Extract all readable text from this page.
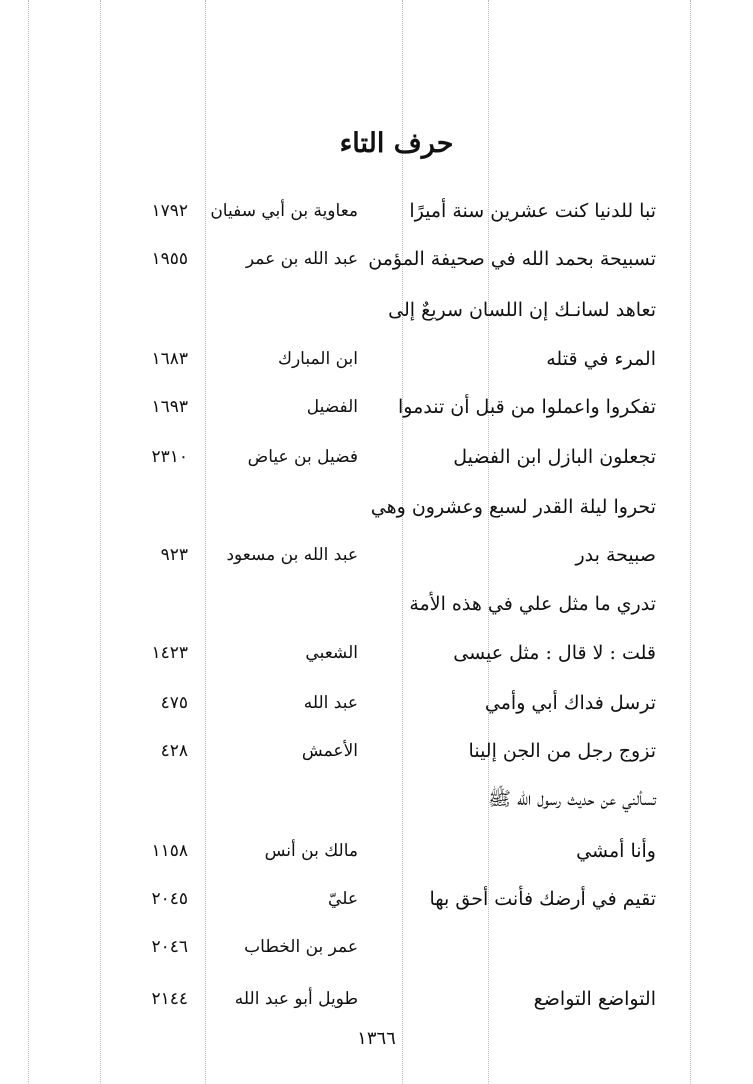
حرف التاء
تبا للدنيا كنت عشرين سنة أميرًا
معاوية بن أبي سفيان
١٧٩٢
تسبيحة بحمد الله في صحيفة المؤمن
عبد الله بن عمر
١٩٥٥
تعاهد لسانـك إن اللسان سريعٌ إلى
المرء في قتله
ابن المبارك
١٦٨٣
تفكروا واعملوا من قبل أن تندموا
الفضيل
١٦٩٣
تجعلون البازل ابن الفضيل
فضيل بن عياض
٢٣١٠
تحروا ليلة القدر لسبع وعشرون وهي
صبيحة بدر
عبد الله بن مسعود
٩٢٣
تدري ما مثل علي في هذه الأمة
قلت : لا قال : مثل عيسى
الشعبي
١٤٢٣
ترسل فداك أبي وأمي
عبد الله
٤٧٥
تزوج رجل من الجن إلينا
الأعمش
٤٢٨
تسألني عن حديث رسول الله ﷺ
وأنا أمشي
مالك بن أنس
١١٥٨
تقيم في أرضك فأنت أحق بها
عليّ
٢٠٤٥
عمر بن الخطاب
٢٠٤٦
التواضع التواضع
طويل أبو عبد الله
٢١٤٤
١٣٦٦
